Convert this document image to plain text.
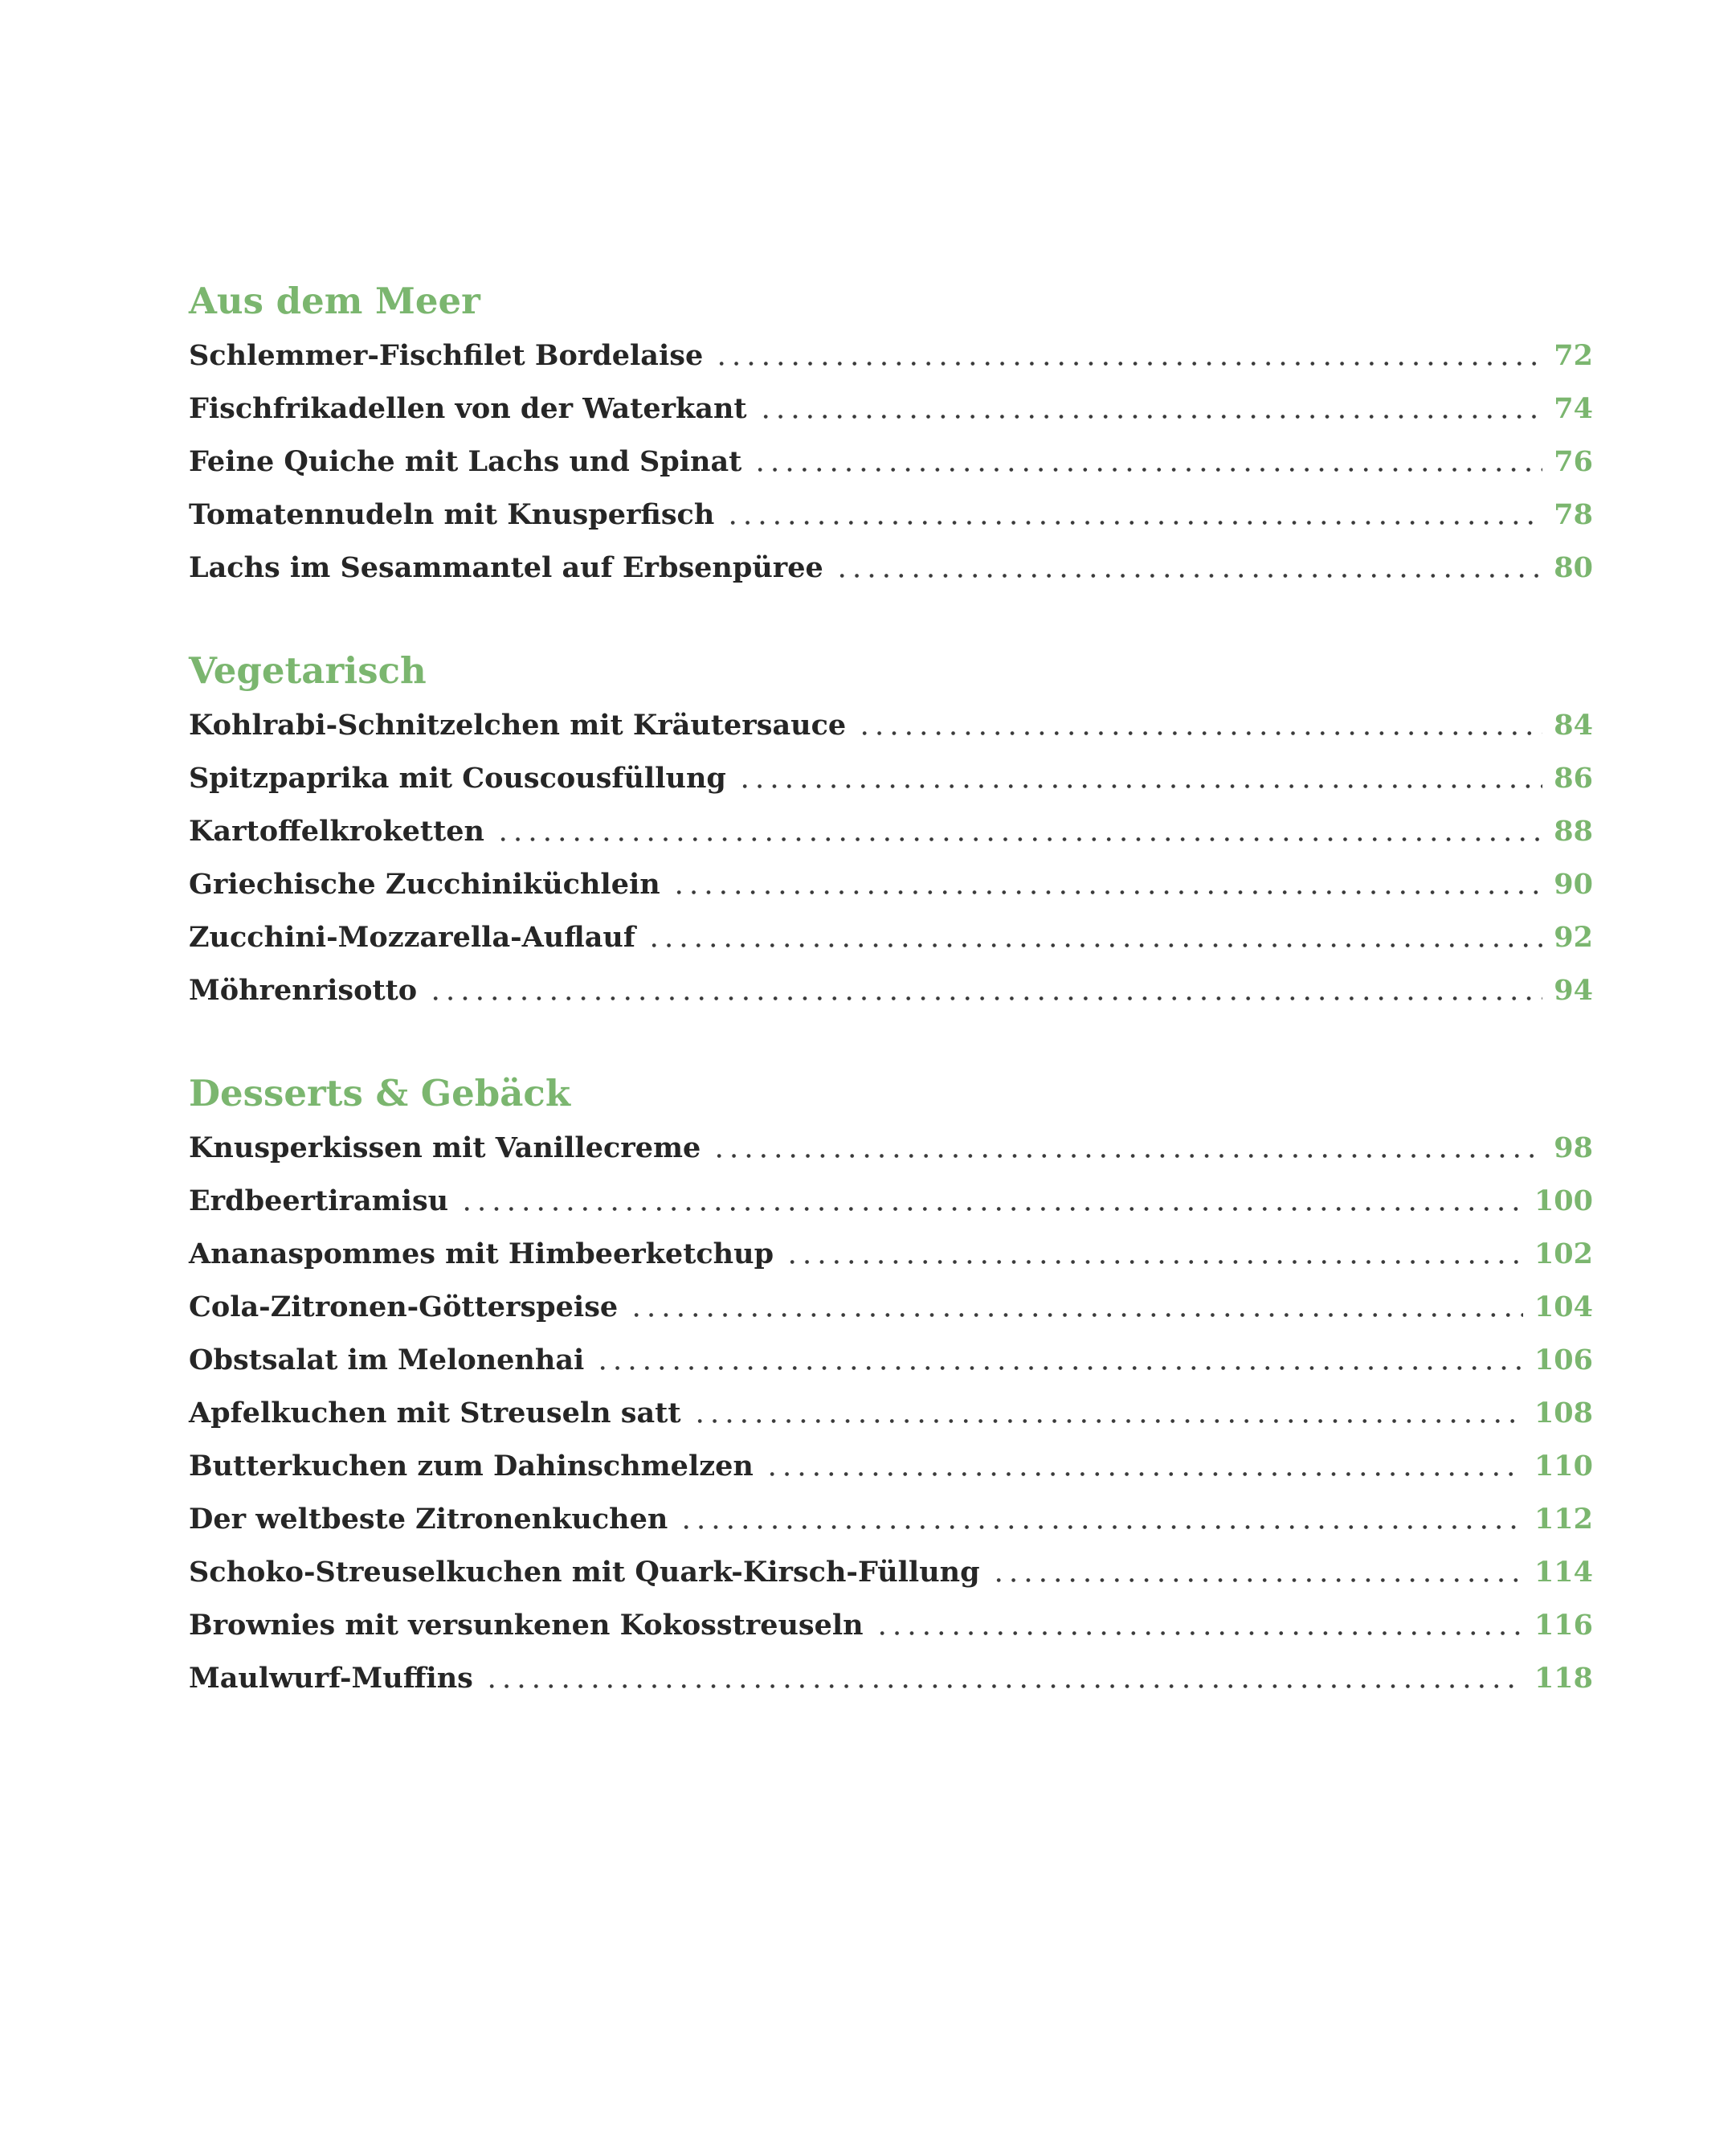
Aus dem Meer
Schlemmer-Fischfilet Bordelaise	72
Fischfrikadellen von der Waterkant	74
Feine Quiche mit Lachs und Spinat	76
Tomatennudeln mit Knusperfisch	78
Lachs im Sesammantel auf Erbsenpüree	80
Vegetarisch
Kohlrabi-Schnitzelchen mit Kräutersauce	84
Spitzpaprika mit Couscousfüllung	86
Kartoffelkroketten	88
Griechische Zucchiniküchlein	90
Zucchini-Mozzarella-Auflauf	92
Möhrenrisotto	94
Desserts & Gebäck
Knusperkissen mit Vanillecreme	98
Erdbeertiramisu	100
Ananaspommes mit Himbeerketchup	102
Cola-Zitronen-Götterspeise	104
Obstsalat im Melonenhai	106
Apfelkuchen mit Streuseln satt	108
Butterkuchen zum Dahinschmelzen	110
Der weltbeste Zitronenkuchen	112
Schoko-Streuselkuchen mit Quark-Kirsch-Füllung	114
Brownies mit versunkenen Kokosstreuseln	116
Maulwurf-Muffins	118
